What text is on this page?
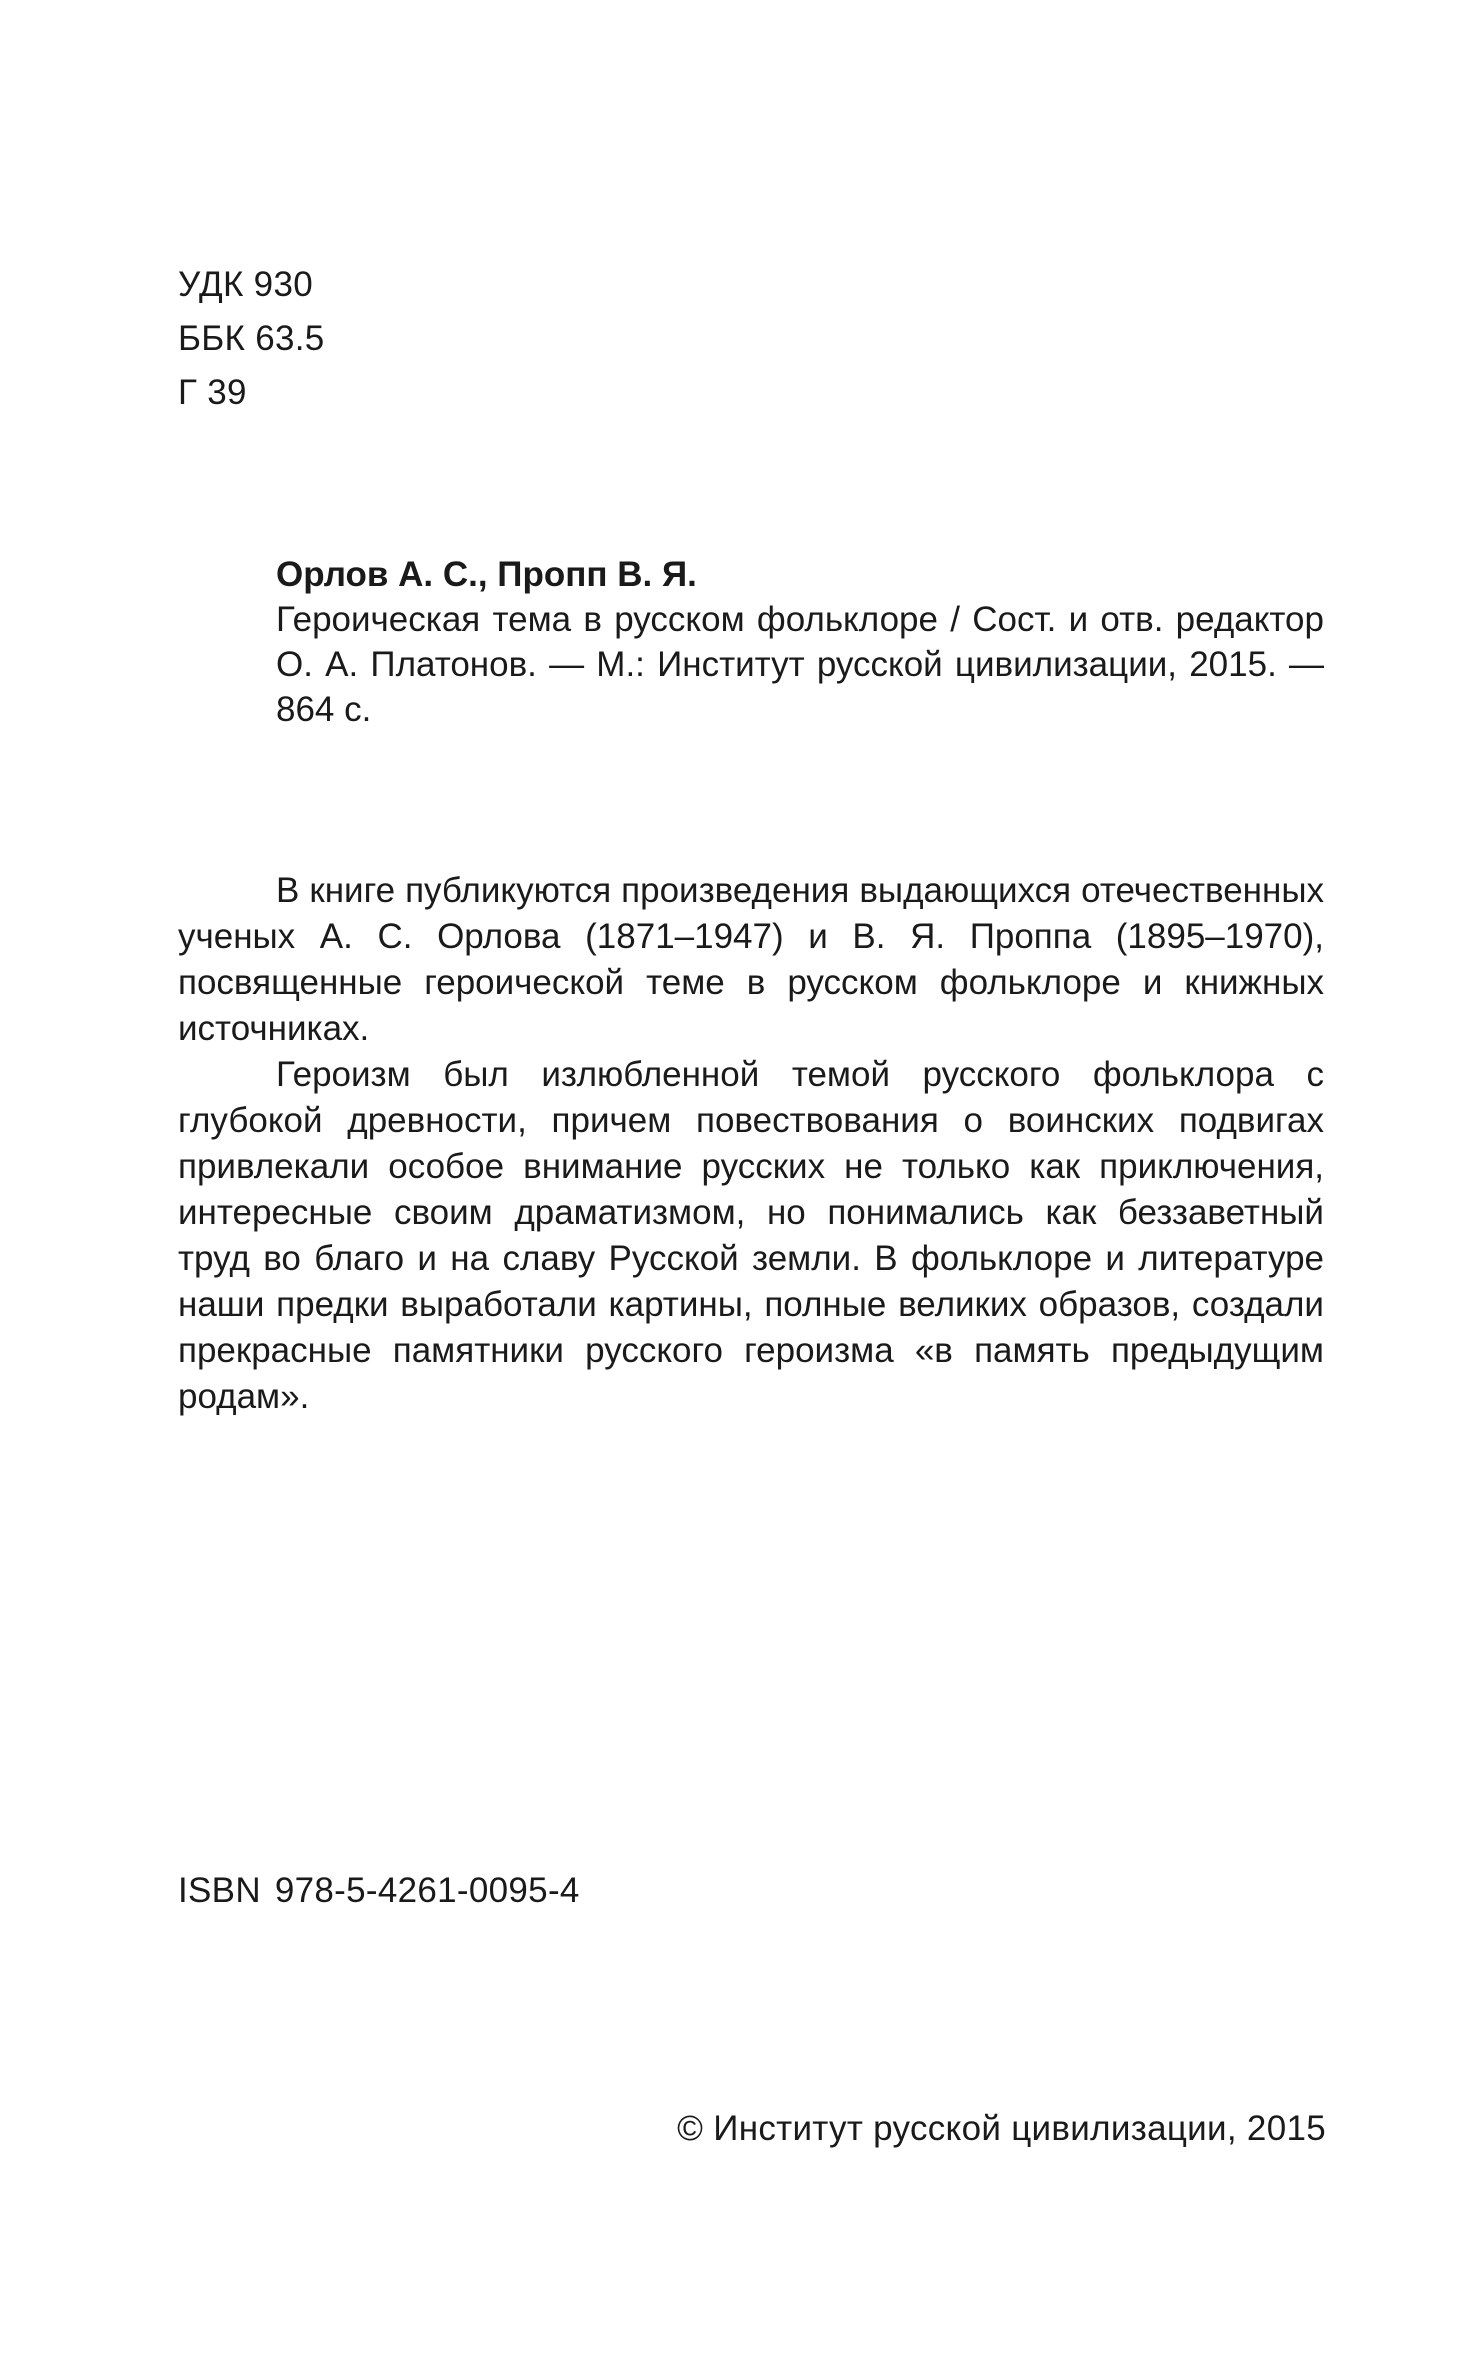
УДК 930
ББК 63.5
Г 39
Орлов А. С., Пропп В. Я.
Героическая тема в русском фольклоре / Сост. и отв. редактор О. А. Платонов. — М.: Институт русской цивилизации, 2015. — 864 с.

В книге публикуются произведения выдающихся отечественных ученых А. С. Орлова (1871–1947) и В. Я. Проппа (1895–1970), посвященные героической теме в русском фольклоре и книжных источниках.

Героизм был излюбленной темой русского фольклора с глубокой древности, причем повествования о воинских подвигах привлекали особое внимание русских не только как приключения, интересные своим драматизмом, но понимались как беззаветный труд во благо и на славу Русской земли. В фольклоре и литературе наши предки выработали картины, полные великих образов, создали прекрасные памятники русского героизма «в память предыдущим родам».

ISBN 978-5-4261-0095-4
© Институт русской цивилизации, 2015
